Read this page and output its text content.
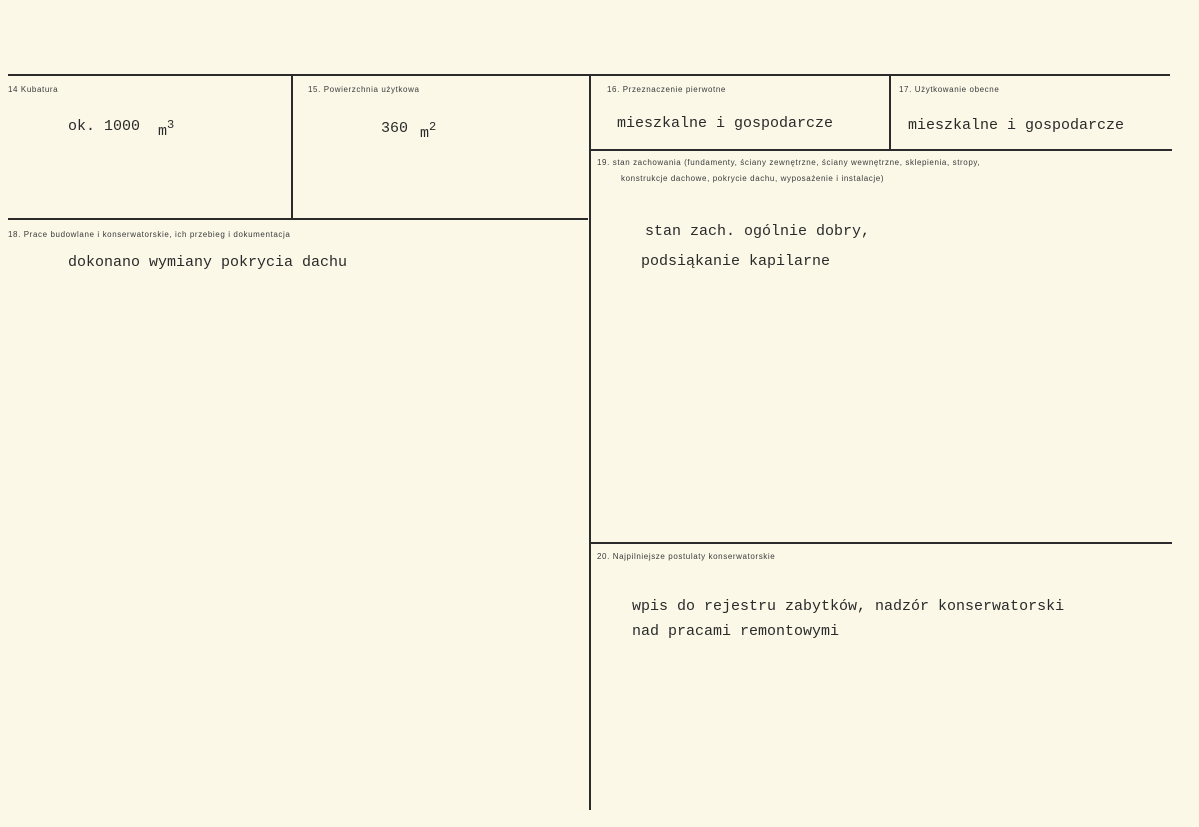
14 Kubatura
ok. 1000 $m^3$
15. Powierzchnia użytkowa
360 $m^2$
16. Przeznaczenie pierwotne
mieszkalne i gospodarcze
17. Użytkowanie obecne
mieszkalne i gospodarcze
18. Prace budowlane i konserwatorskie, ich przebieg i dokumentacja
dokonano wymiany pokrycia dachu
19. stan zachowania (fundamenty, ściany zewnętrzne, ściany wewnętrzne, sklepienia, stropy,
konstrukcje dachowe, pokrycie dachu, wyposażenie i instalacje)
stan zach. ogólnie dobry,
podsiąkanie kapilarne
20. Najpilniejsze postulaty konserwatorskie
wpis do rejestru zabytków, nadzór konserwatorski
nad pracami remontowymi
